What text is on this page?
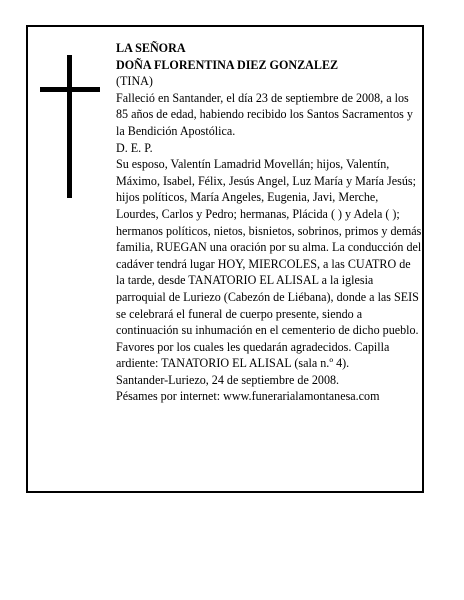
LA SEÑORA

DOÑA FLORENTINA DIEZ GONZALEZ

(TINA)

Falleció en Santander, el día 23 de septiembre de 2008, a los 85 años de edad, habiendo recibido los Santos Sacramentos y la Bendición Apostólica.

D. E. P.

Su esposo, Valentín Lamadrid Movellán; hijos, Valentín, Máximo, Isabel, Félix, Jesús Angel, Luz María y María Jesús; hijos políticos, María Angeles, Eugenia, Javi, Merche, Lourdes, Carlos y Pedro; hermanas, Plácida ( ) y Adela ( ); hermanos políticos, nietos, bisnietos, sobrinos, primos y demás familia, RUEGAN una oración por su alma. La conducción del cadáver tendrá lugar HOY, MIERCOLES, a las CUATRO de la tarde, desde TANATORIO EL ALISAL a la iglesia parroquial de Luriezo (Cabezón de Liébana), donde a las SEIS se celebrará el funeral de cuerpo presente, siendo a continuación su inhumación en el cementerio de dicho pueblo. Favores por los cuales les quedarán agradecidos. Capilla ardiente: TANATORIO EL ALISAL (sala n.º 4).

Santander-Luriezo, 24 de septiembre de 2008.

Pésames por internet: www.funerarialamontanesa.com
